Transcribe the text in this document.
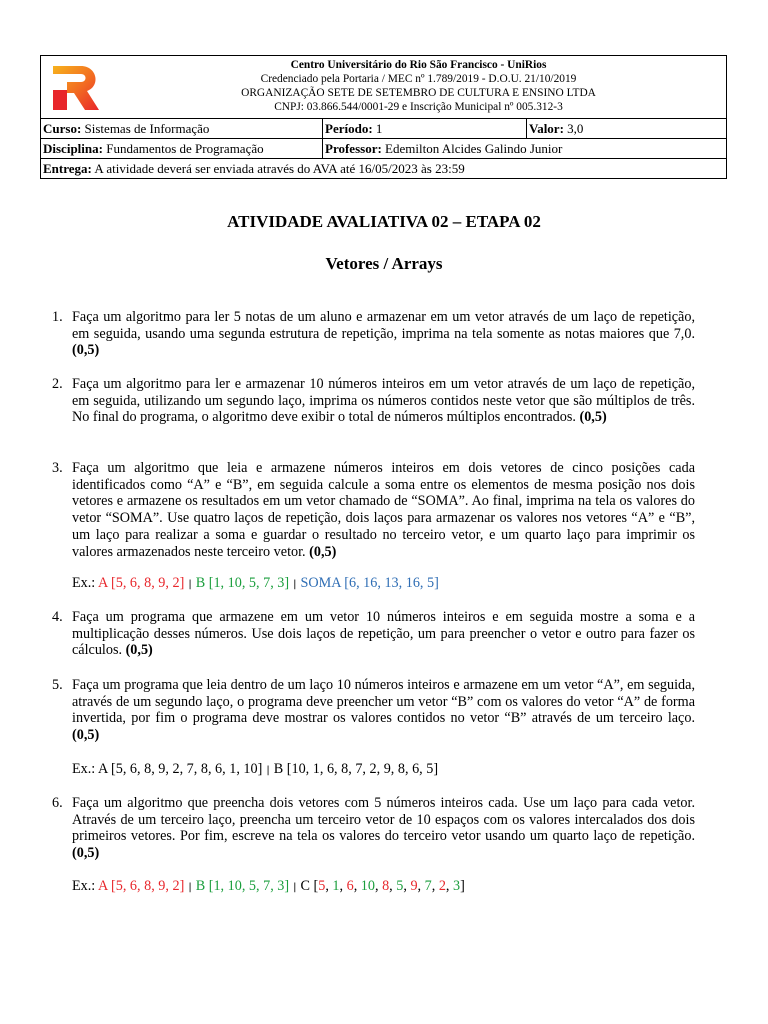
Centro Universitário do Rio São Francisco - UniRios
Credenciado pela Portaria / MEC nº 1.789/2019 - D.O.U. 21/10/2019
ORGANIZAÇÃO SETE DE SETEMBRO DE CULTURA E ENSINO LTDA
CNPJ: 03.866.544/0001-29 e Inscrição Municipal nº 005.312-3
Curso: Sistemas de Informação	Período: 1	Valor: 3,0
Disciplina: Fundamentos de Programação	Professor: Edemilton Alcides Galindo Junior
Entrega: A atividade deverá ser enviada através do AVA até 16/05/2023 às 23:59
ATIVIDADE AVALIATIVA 02 – ETAPA 02
Vetores / Arrays
1. Faça um algoritmo para ler 5 notas de um aluno e armazenar em um vetor através de um laço de repetição, em seguida, usando uma segunda estrutura de repetição, imprima na tela somente as notas maiores que 7,0. (0,5)
2. Faça um algoritmo para ler e armazenar 10 números inteiros em um vetor através de um laço de repetição, em seguida, utilizando um segundo laço, imprima os números contidos neste vetor que são múltiplos de três. No final do programa, o algoritmo deve exibir o total de números múltiplos encontrados. (0,5)
3. Faça um algoritmo que leia e armazene números inteiros em dois vetores de cinco posições cada identificados como “A” e “B”, em seguida calcule a soma entre os elementos de mesma posição nos dois vetores e armazene os resultados em um vetor chamado de “SOMA”. Ao final, imprima na tela os valores do vetor “SOMA”. Use quatro laços de repetição, dois laços para armazenar os valores nos vetores “A” e “B”, um laço para realizar a soma e guardar o resultado no terceiro vetor, e um quarto laço para imprimir os valores armazenados neste terceiro vetor. (0,5)
Ex.: A [5, 6, 8, 9, 2] | B [1, 10, 5, 7, 3] | SOMA [6, 16, 13, 16, 5]
4. Faça um programa que armazene em um vetor 10 números inteiros e em seguida mostre a soma e a multiplicação desses números. Use dois laços de repetição, um para preencher o vetor e outro para fazer os cálculos. (0,5)
5. Faça um programa que leia dentro de um laço 10 números inteiros e armazene em um vetor “A”, em seguida, através de um segundo laço, o programa deve preencher um vetor “B” com os valores do vetor “A” de forma invertida, por fim o programa deve mostrar os valores contidos no vetor “B” através de um terceiro laço. (0,5)
Ex.: A [5, 6, 8, 9, 2, 7, 8, 6, 1, 10] | B [10, 1, 6, 8, 7, 2, 9, 8, 6, 5]
6. Faça um algoritmo que preencha dois vetores com 5 números inteiros cada. Use um laço para cada vetor. Através de um terceiro laço, preencha um terceiro vetor de 10 espaços com os valores intercalados dos dois primeiros vetores. Por fim, escreve na tela os valores do terceiro vetor usando um quarto laço de repetição. (0,5)
Ex.: A [5, 6, 8, 9, 2] | B [1, 10, 5, 7, 3] | C [5, 1, 6, 10, 8, 5, 9, 7, 2, 3]
